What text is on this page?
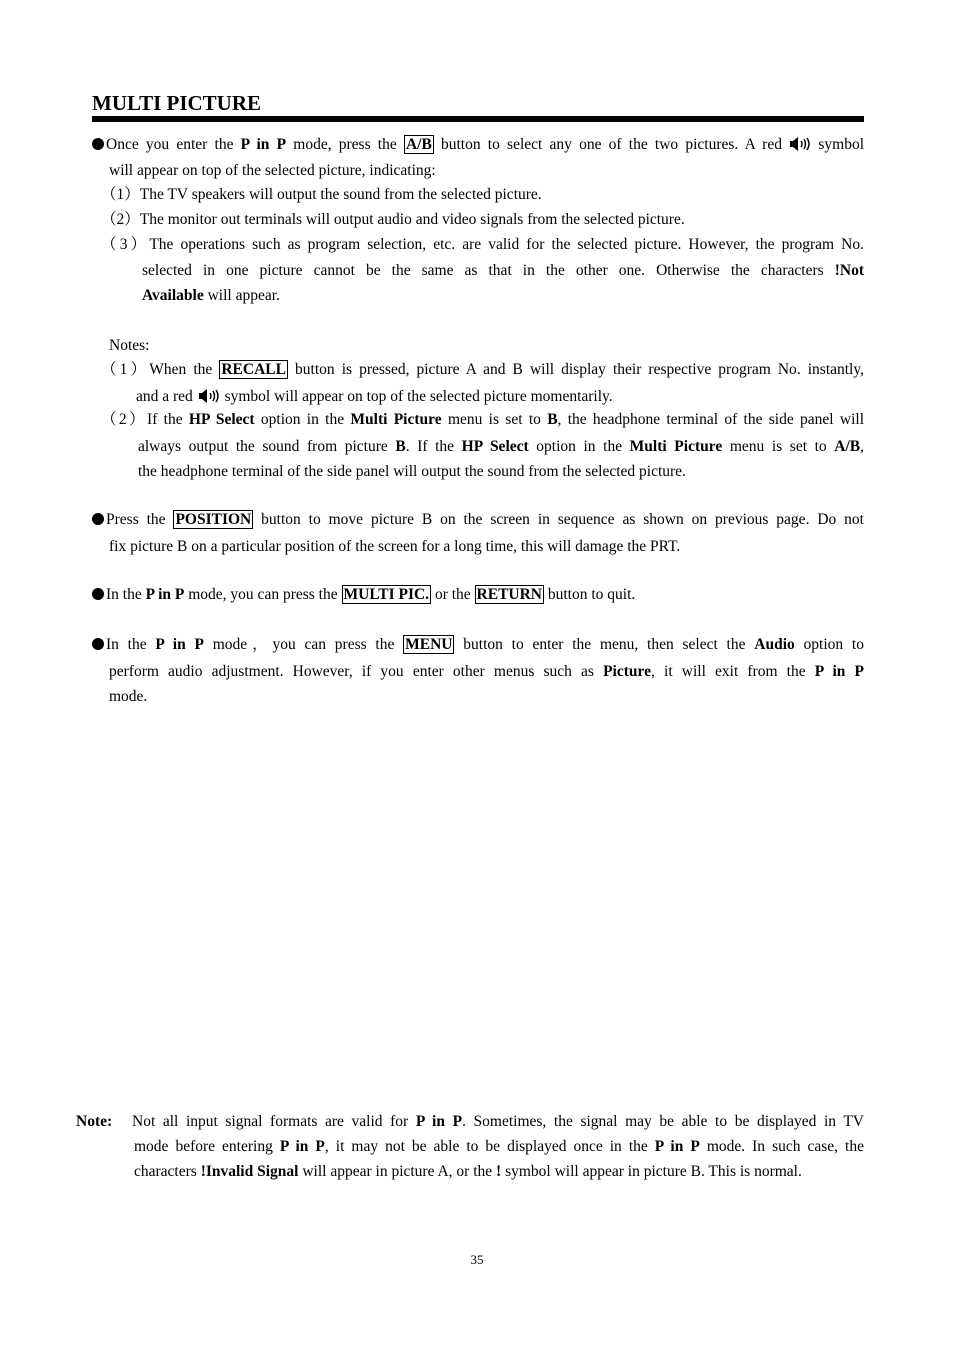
MULTI PICTURE
Once you enter the P in P mode, press the A/B button to select any one of the two pictures. A red  symbol
will appear on top of the selected picture, indicating:
（1）The TV speakers will output the sound from the selected picture.
（2）The monitor out terminals will output audio and video signals from the selected picture.
（3）The operations such as program selection, etc. are valid for the selected picture. However, the program No.
selected in one picture cannot be the same as that in the other one. Otherwise the characters !Not
Available will appear.
Notes:
（1）When the RECALL button is pressed, picture A and B will display their respective program No. instantly,
and a red  symbol will appear on top of the selected picture momentarily.
（2）If the HP Select option in the Multi Picture menu is set to B, the headphone terminal of the side panel will
always output the sound from picture B. If the HP Select option in the Multi Picture menu is set to A/B,
the headphone terminal of the side panel will output the sound from the selected picture.
Press the POSITION button to move picture B on the screen in sequence as shown on previous page. Do not
fix picture B on a particular position of the screen for a long time, this will damage the PRT.
In the P in P mode, you can press the MULTI PIC. or the RETURN button to quit.
In the P in P mode，you can press the MENU button to enter the menu, then select the Audio option to
perform audio adjustment. However, if you enter other menus such as Picture, it will exit from the P in P
mode.
Note: Not all input signal formats are valid for P in P. Sometimes, the signal may be able to be displayed in TV
mode before entering P in P, it may not be able to be displayed once in the P in P mode. In such case, the
characters !Invalid Signal will appear in picture A, or the ! symbol will appear in picture B. This is normal.
35
